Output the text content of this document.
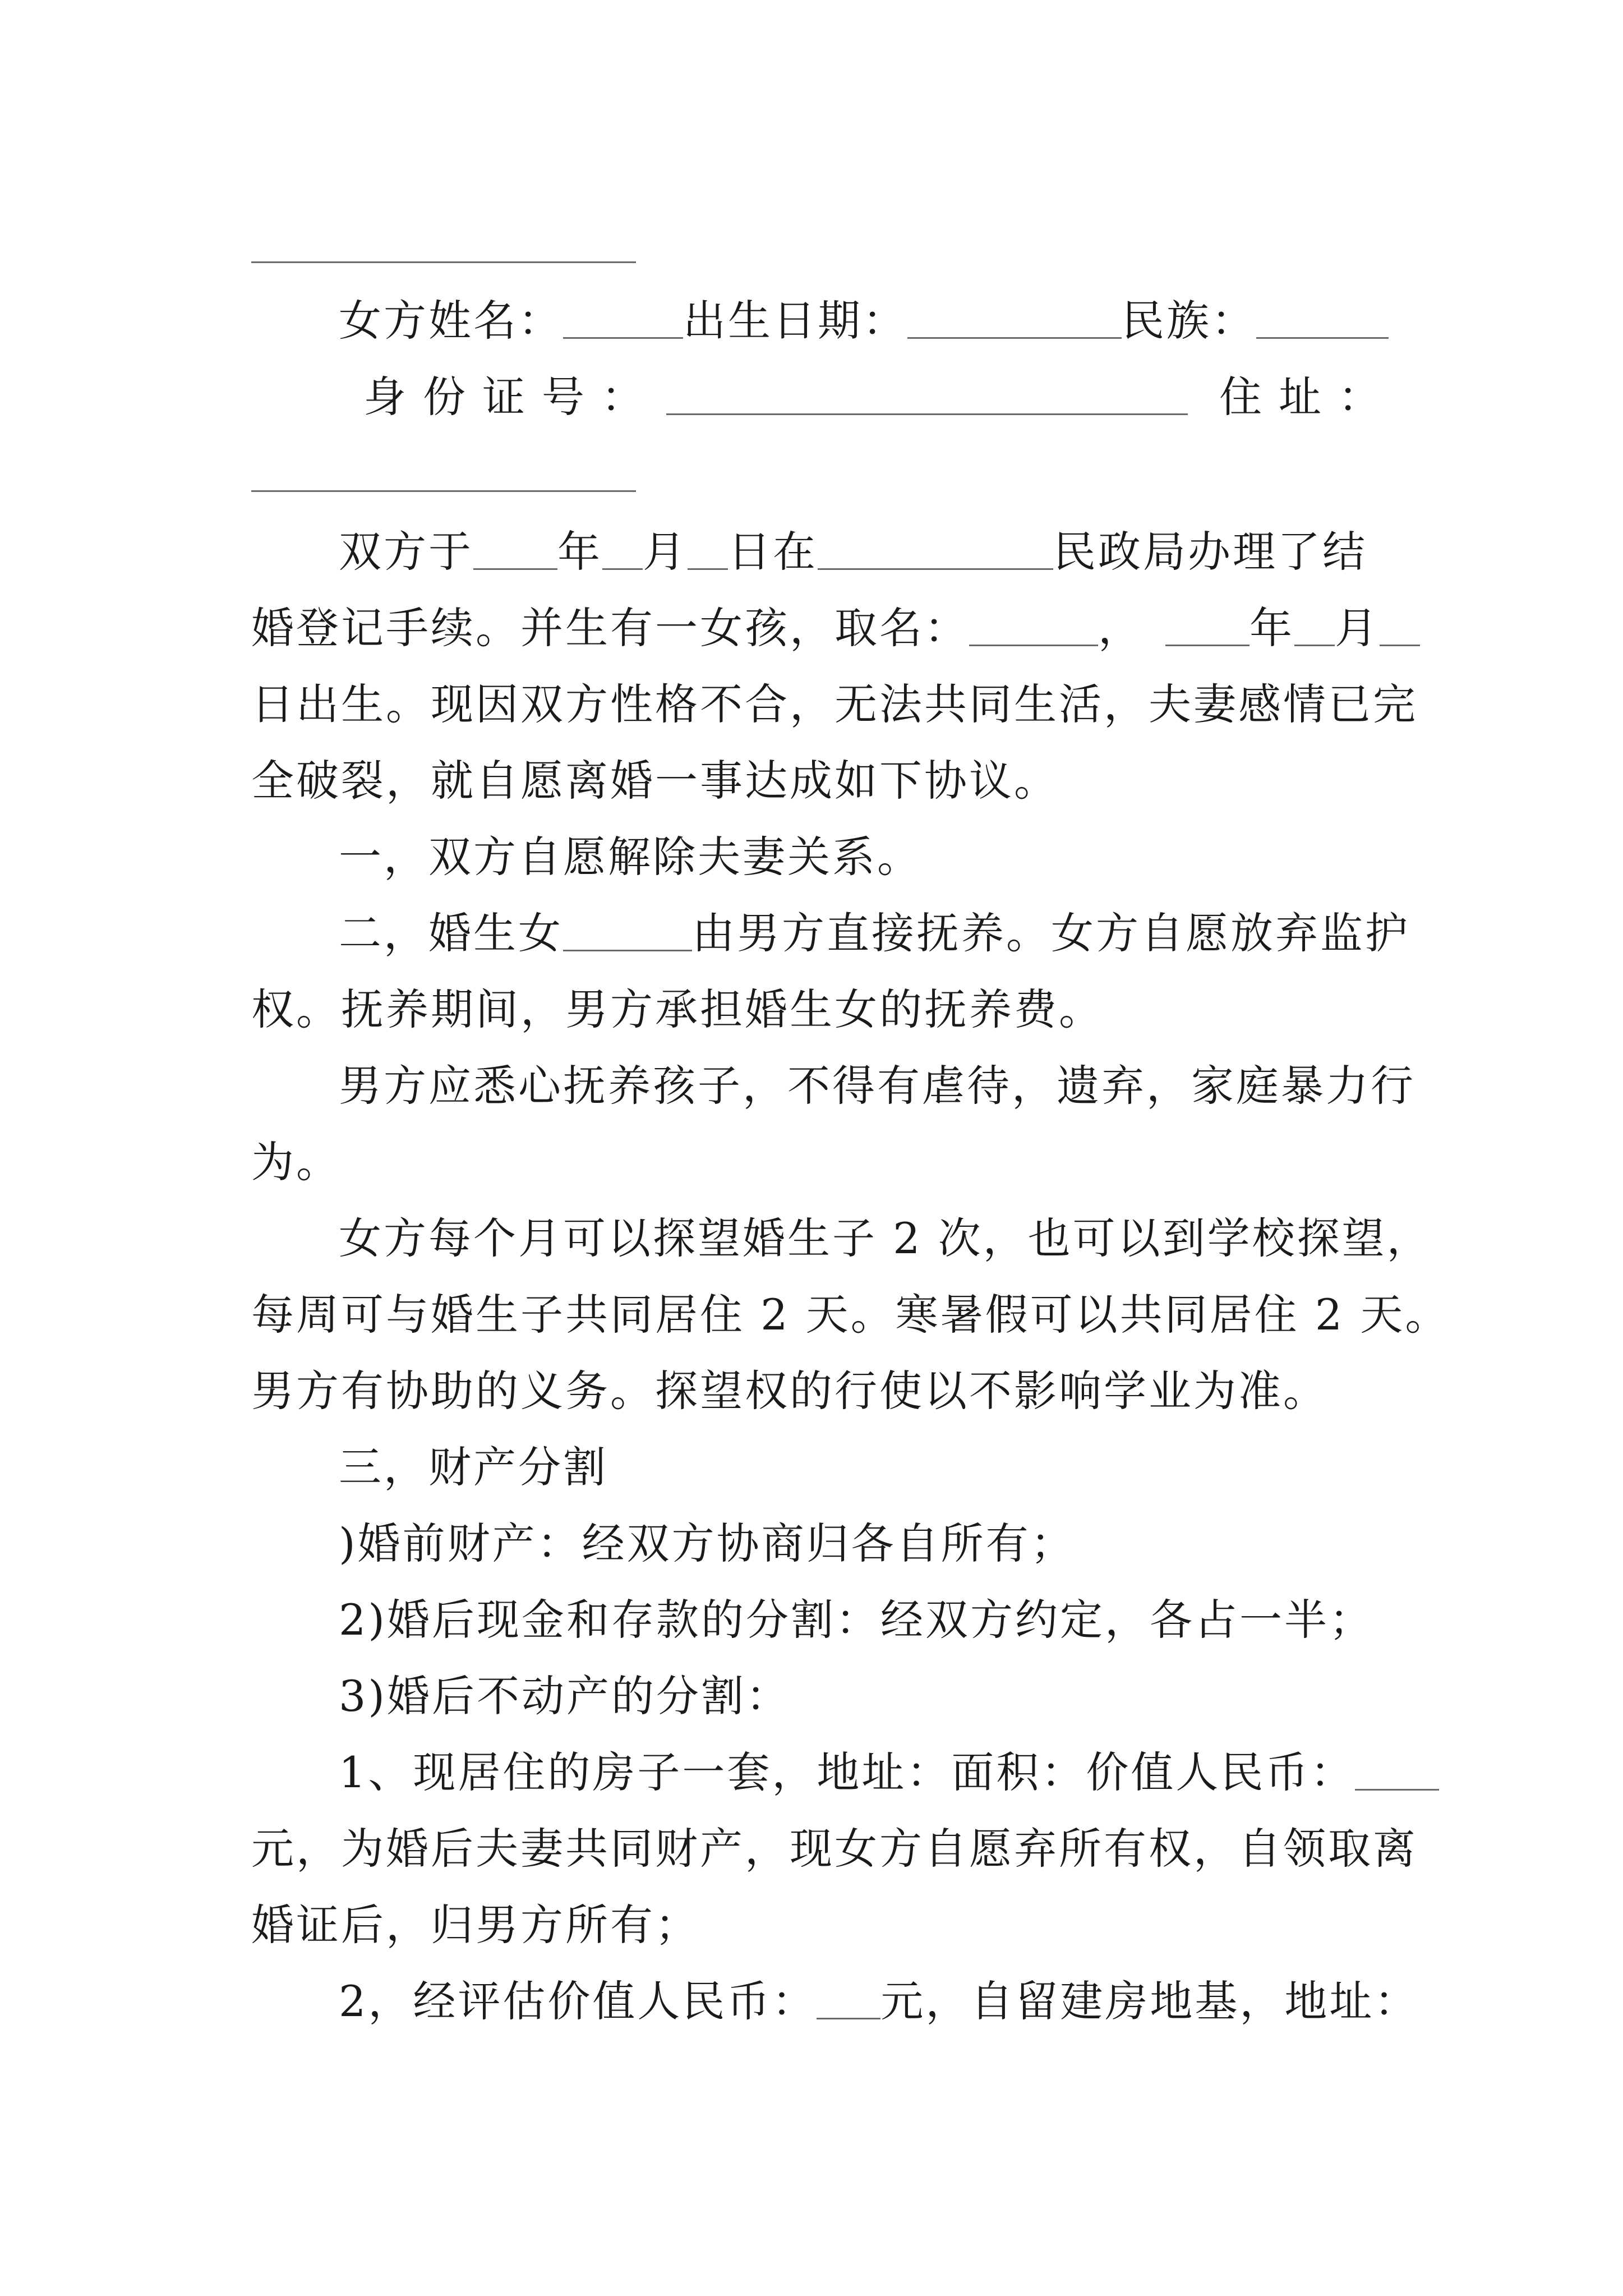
女方姓名：	出生日期：	民族：
身份证号：	住址：
双方于 年 月 日在	民政局办理了结
婚登记手续。并生有一女孩，取名：	，	年 月
日出生。现因双方性格不合，无法共同生活，夫妻感情已完
全破裂，就自愿离婚一事达成如下协议。
一，双方自愿解除夫妻关系。
二，婚生女	由男方直接抚养。女方自愿放弃监护
权。抚养期间，男方承担婚生女的抚养费。
男方应悉心抚养孩子，不得有虐待，遗弃，家庭暴力行
为。
女方每个月可以探望婚生子 2 次，也可以到学校探望，
每周可与婚生子共同居住 2 天。寒暑假可以共同居住 2 天。
男方有协助的义务。探望权的行使以不影响学业为准。
三，财产分割
)婚前财产：经双方协商归各自所有；
2)婚后现金和存款的分割：经双方约定，各占一半；
3)婚后不动产的分割：
1、现居住的房子一套，地址：面积：价值人民币：
元，为婚后夫妻共同财产，现女方自愿弃所有权，自领取离
婚证后，归男方所有；
2，经评估价值人民币： 元，自留建房地基，地址：
